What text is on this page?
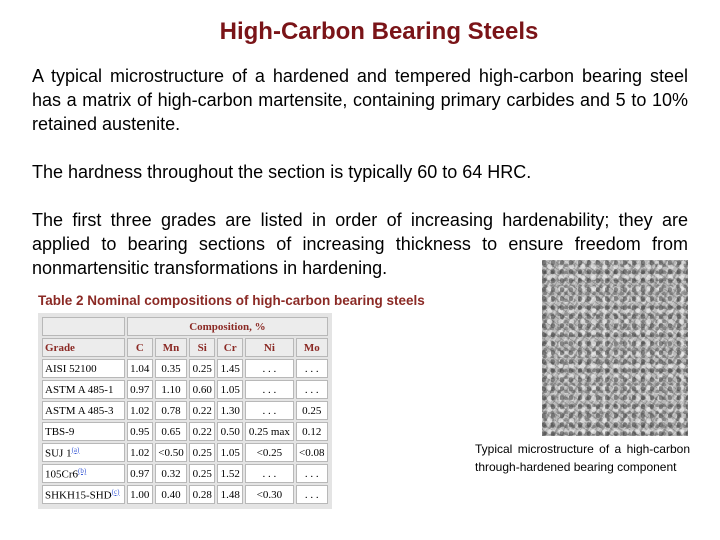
High-Carbon Bearing Steels

A typical microstructure of a hardened and tempered high-carbon bearing steel has a matrix of high-carbon martensite, containing primary carbides and 5 to 10% retained austenite.

The hardness throughout the section is typically 60 to 64 HRC.

The first three grades are listed in order of increasing hardenability; they are applied to bearing sections of increasing thickness to ensure freedom from nonmartensitic transformations in hardening.

Table 2 Nominal compositions of high-carbon bearing steels
	Composition, %					
Grade	C	Mn	Si	Cr	Ni	Mo
AISI 52100	1.04	0.35	0.25	1.45	. . .	. . .
ASTM A 485-1	0.97	1.10	0.60	1.05	. . .	. . .
ASTM A 485-3	1.02	0.78	0.22	1.30	. . .	0.25
TBS-9	0.95	0.65	0.22	0.50	0.25 max	0.12
SUJ 1$^{(a)}$	1.02	<0.50	0.25	1.05	<0.25	<0.08
105Cr6$^{(b)}$	0.97	0.32	0.25	1.52	. . .	. . .
SHKH15-SHD$^{(c)}$	1.00	0.40	0.28	1.48	<0.30	. . .

Typical microstructure of a high-carbon through-hardened bearing component
